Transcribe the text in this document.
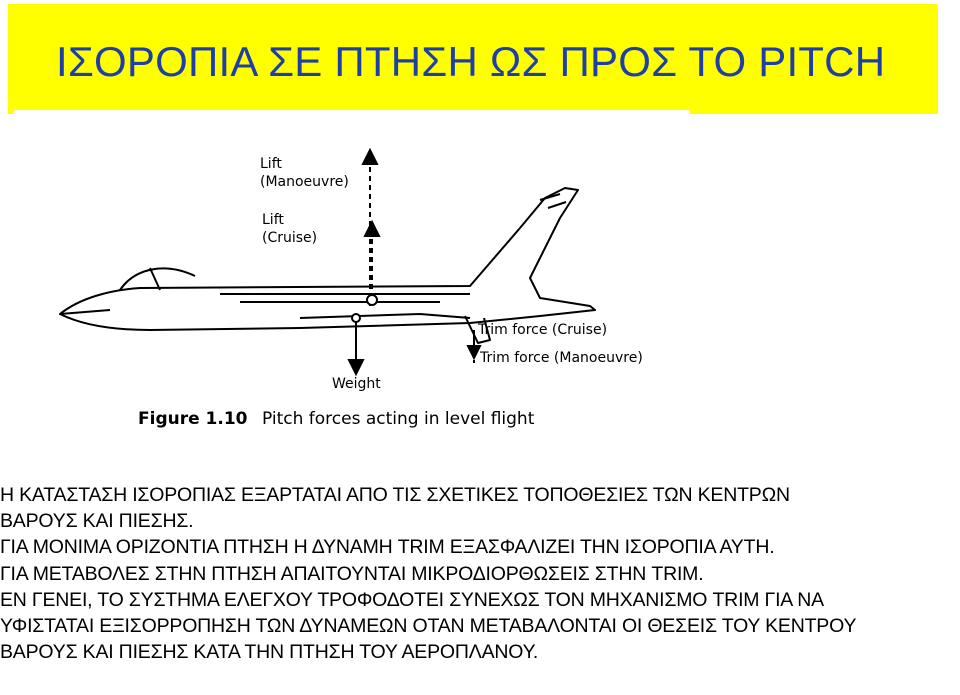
ΙΣΟΡΟΠΙΑ ΣΕ ΠΤΗΣΗ ΩΣ ΠΡΟΣ ΤΟ PITCH
Lift
(Manoeuvre)
Lift
(Cruise)
Trim force (Cruise)
Trim force (Manoeuvre)
Weight
Figure 1.10 Pitch forces acting in level flight

Η ΚΑΤΑΣΤΑΣΗ ΙΣΟΡΟΠΙΑΣ ΕΞΑΡΤΑΤΑΙ ΑΠΟ ΤΙΣ ΣΧΕΤΙΚΕΣ ΤΟΠΟΘΕΣΙΕΣ ΤΩΝ ΚΕΝΤΡΩΝ

ΒΑΡΟΥΣ ΚΑΙ ΠΙΕΣΗΣ.

ΓΙΑ ΜΟΝΙΜΑ ΟΡΙΖΟΝΤΙΑ ΠΤΗΣΗ Η ΔΥΝΑΜΗ TRIM ΕΞΑΣΦΑΛΙΖΕΙ ΤΗΝ ΙΣΟΡΟΠΙΑ ΑΥΤΗ.

ΓΙΑ ΜΕΤΑΒΟΛΕΣ ΣΤΗΝ ΠΤΗΣΗ ΑΠΑΙΤΟΥΝΤΑΙ ΜΙΚΡΟΔΙΟΡΘΩΣΕΙΣ ΣΤΗΝ TRIM.

ΕΝ ΓΕΝΕΙ, ΤΟ ΣΥΣΤΗΜΑ ΕΛΕΓΧΟΥ ΤΡΟΦΟΔΟΤΕΙ ΣΥΝΕΧΩΣ ΤΟΝ ΜΗΧΑΝΙΣΜΟ TRIM ΓΙΑ ΝΑ

ΥΦΙΣΤΑΤΑΙ ΕΞΙΣΟΡΡΟΠΗΣΗ ΤΩΝ ΔΥΝΑΜΕΩΝ ΟΤΑΝ ΜΕΤΑΒΑΛΟΝΤΑΙ ΟΙ ΘΕΣΕΙΣ ΤΟΥ ΚΕΝΤΡΟΥ

ΒΑΡΟΥΣ ΚΑΙ ΠΙΕΣΗΣ ΚΑΤΑ ΤΗΝ ΠΤΗΣΗ ΤΟΥ ΑΕΡΟΠΛΑΝΟΥ.
